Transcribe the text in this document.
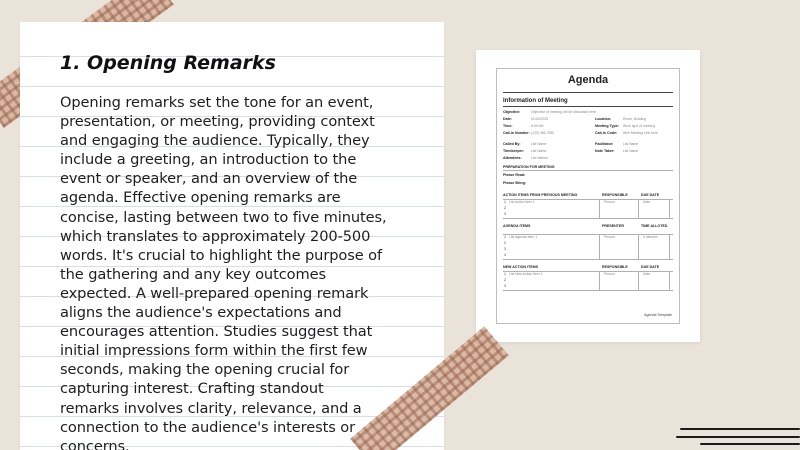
1. Opening Remarks
Opening remarks set the tone for an event,
presentation, or meeting, providing context
and engaging the audience. Typically, they
include a greeting, an introduction to the
event or speaker, and an overview of the
agenda. Effective opening remarks are
concise, lasting between two to five minutes,
which translates to approximately 200-500
words. It's crucial to highlight the purpose of
the gathering and any key outcomes
expected. A well-prepared opening remark
aligns the audience's expectations and
encourages attention. Studies suggest that
initial impressions form within the first few
seconds, making the opening crucial for
capturing interest. Crafting standout
remarks involves clarity, relevance, and a
connection to the audience's interests or
concerns.
Agenda
Information of Meeting
Objective:	Objective of meeting will be discussed here
Date:	01/01/2025	Location:	Room, Building
Time:	8:00 AM	Meeting Type: Work type of meeting
Call-in Number: (123) 456-7890	Call-In Code: Web Meeting Link here
Called By:	List Name	Facilitator:	List Name
Timekeeper: List Name	Note Taker: List Name
Attendees:	List Names
PREPARATION FOR MEETING
Please Read:
Please Bring:
ACTION ITEMS FROM PREVIOUS MEETING	RESPONSIBLE	DUE DATE
1 List Action Item 1	Person	Date
2
3
AGENDA ITEMS	PRESENTER	TIME ALLOTED
1 List Agenda Item 1	Person	# minutes
2
3
4
NEW ACTION ITEMS	RESPONSIBLE	DUE DATE
1 List New Action Item 1	Person	Date
2
3
Agenda Template
